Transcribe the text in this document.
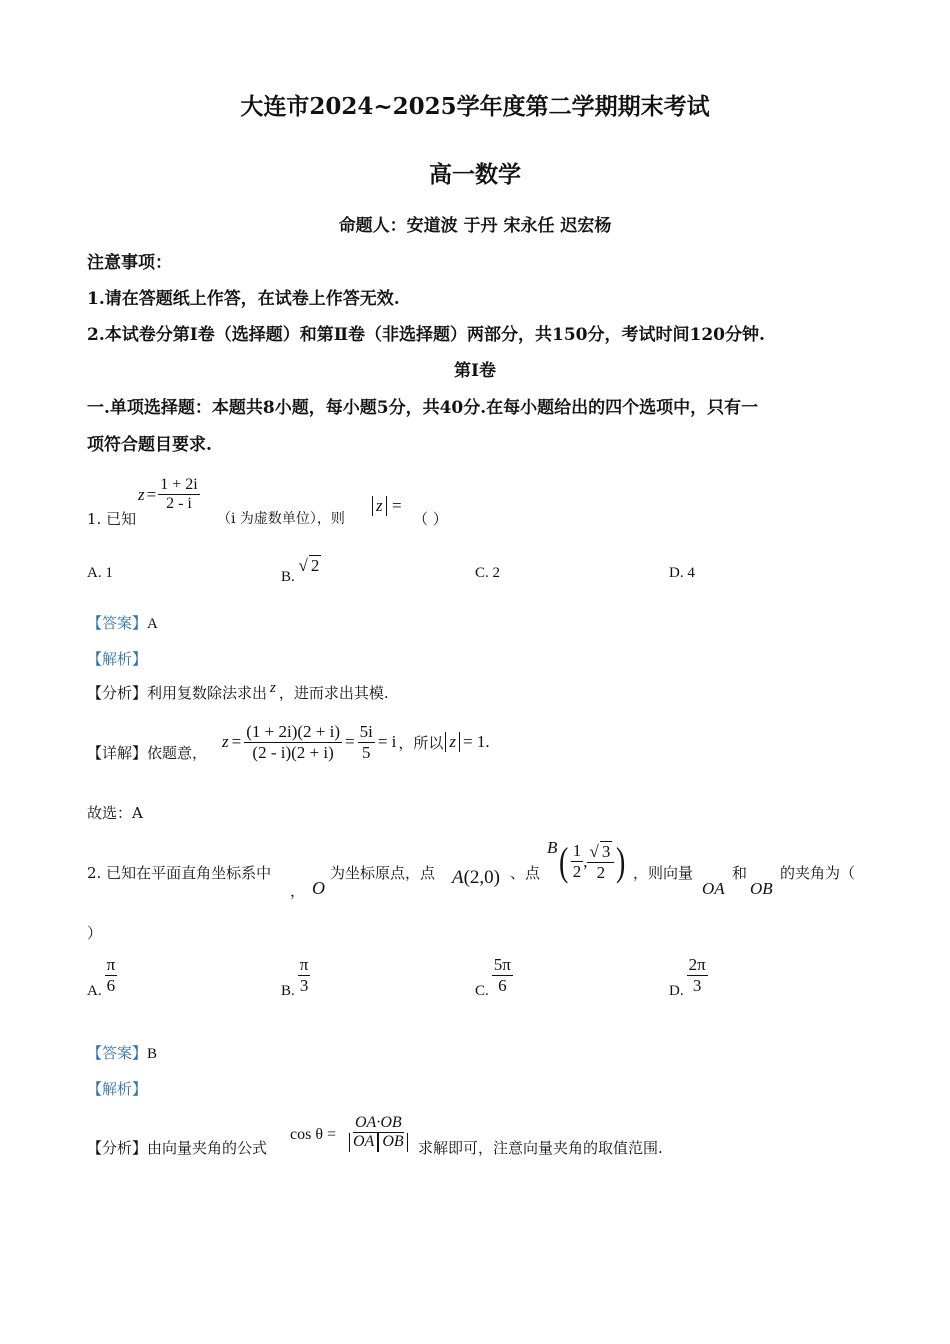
大连市2024~2025学年度第二学期期末考试
高一数学
命题人：安道波 于丹 宋永任 迟宏杨
注意事项：
1.请在答题纸上作答，在试卷上作答无效.
2.本试卷分第Ⅰ卷（选择题）和第Ⅱ卷（非选择题）两部分，共150分，考试时间120分钟.
第Ⅰ卷
一.单项选择题：本题共8小题，每小题5分，共40分.在每小题给出的四个选项中，只有一
项符合题目要求.
1. 已知
$z = \frac{1 + 2i}{2 - i}$
（i 为虚数单位），则
z =
（ ）
A. 1	B. √ 2	C. 2	D. 4
【答案】A
【解析】
【分析】利用复数除法求出 z ，进而求出其模.
【详解】依题意，
$z = \frac{(1 + 2i)(2 + i)}{(2 - i)(2 + i)} = \frac{5i}{5} = i$ ，所以 z = 1 .
故选：A
2. 已知在平面直角坐标系中
， O
为坐标原点，点 A(2,0) 、点
B ( $\frac{1}{2}$ , $\frac{√ 3}{2}$ ) ，则向量
OA
和
OB
的夹角为（
）
A. $\frac{\pi}{6}$	B. $\frac{\pi}{3}$	C. $\frac{5\pi}{6}$	D. $\frac{2\pi}{3}$
【答案】B
【解析】
【分析】由向量夹角的公式
$\cos \theta = \frac{OA\cdot OB}{\text{OA OB}}$ 求解即可，注意向量夹角的取值范围.
